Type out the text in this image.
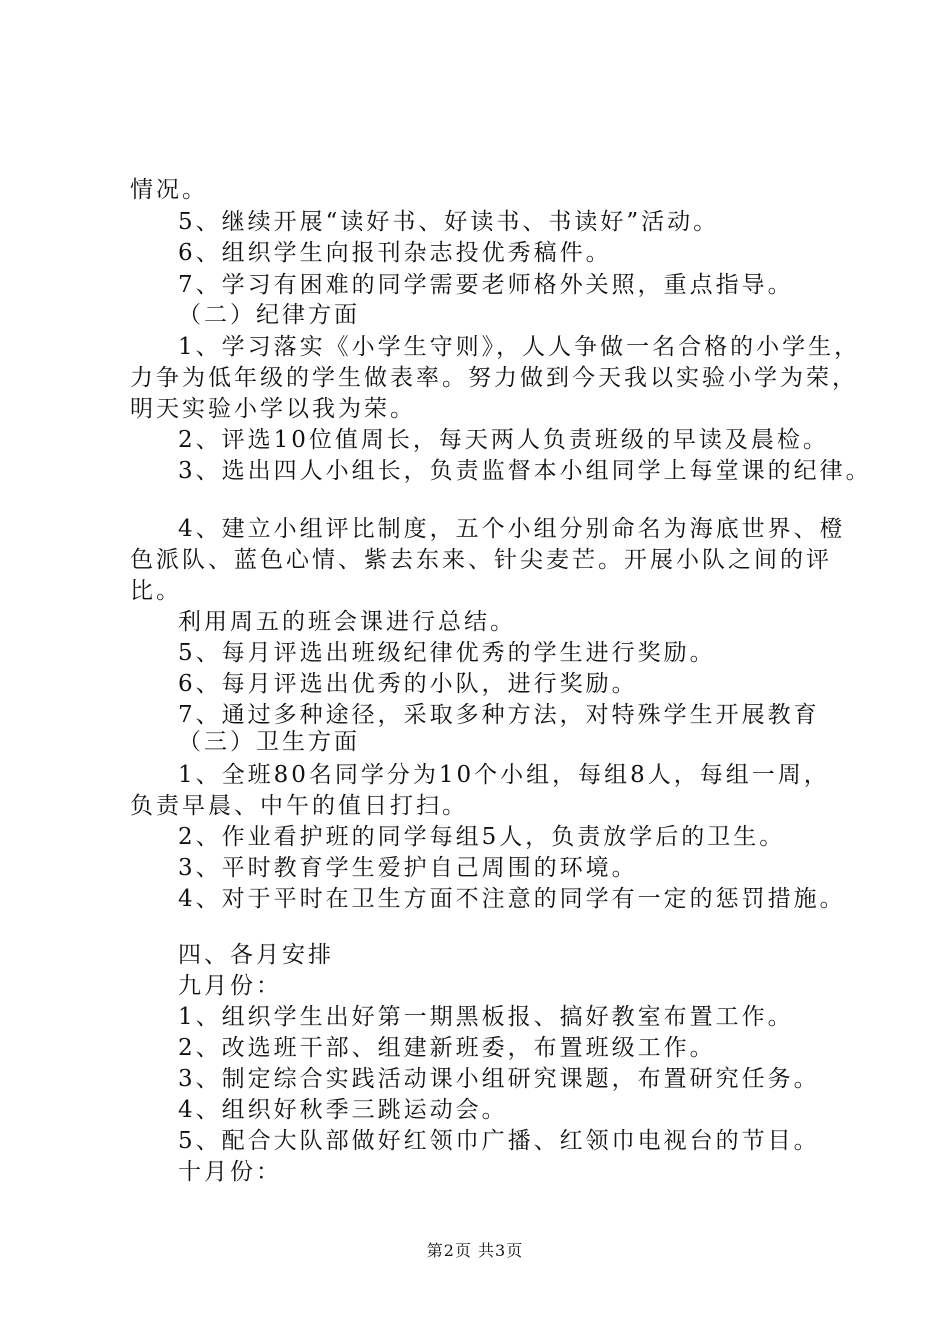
情况。
5、继续开展“读好书、好读书、书读好”活动。
6、组织学生向报刊杂志投优秀稿件。
7、学习有困难的同学需要老师格外关照，重点指导。
（二）纪律方面
1、学习落实《小学生守则》，人人争做一名合格的小学生，
力争为低年级的学生做表率。努力做到今天我以实验小学为荣，
明天实验小学以我为荣。
2、评选10位值周长，每天两人负责班级的早读及晨检。
3、选出四人小组长，负责监督本小组同学上每堂课的纪律。
4、建立小组评比制度，五个小组分别命名为海底世界、橙
色派队、蓝色心情、紫去东来、针尖麦芒。开展小队之间的评
比。
利用周五的班会课进行总结。
5、每月评选出班级纪律优秀的学生进行奖励。
6、每月评选出优秀的小队，进行奖励。
7、通过多种途径，采取多种方法，对特殊学生开展教育
（三）卫生方面
1、全班80名同学分为10个小组，每组8人，每组一周，
负责早晨、中午的值日打扫。
2、作业看护班的同学每组5人，负责放学后的卫生。
3、平时教育学生爱护自己周围的环境。
4、对于平时在卫生方面不注意的同学有一定的惩罚措施。
四、各月安排
九月份：
1、组织学生出好第一期黑板报、搞好教室布置工作。
2、改选班干部、组建新班委，布置班级工作。
3、制定综合实践活动课小组研究课题，布置研究任务。
4、组织好秋季三跳运动会。
5、配合大队部做好红领巾广播、红领巾电视台的节目。
十月份：
第2页 共3页
